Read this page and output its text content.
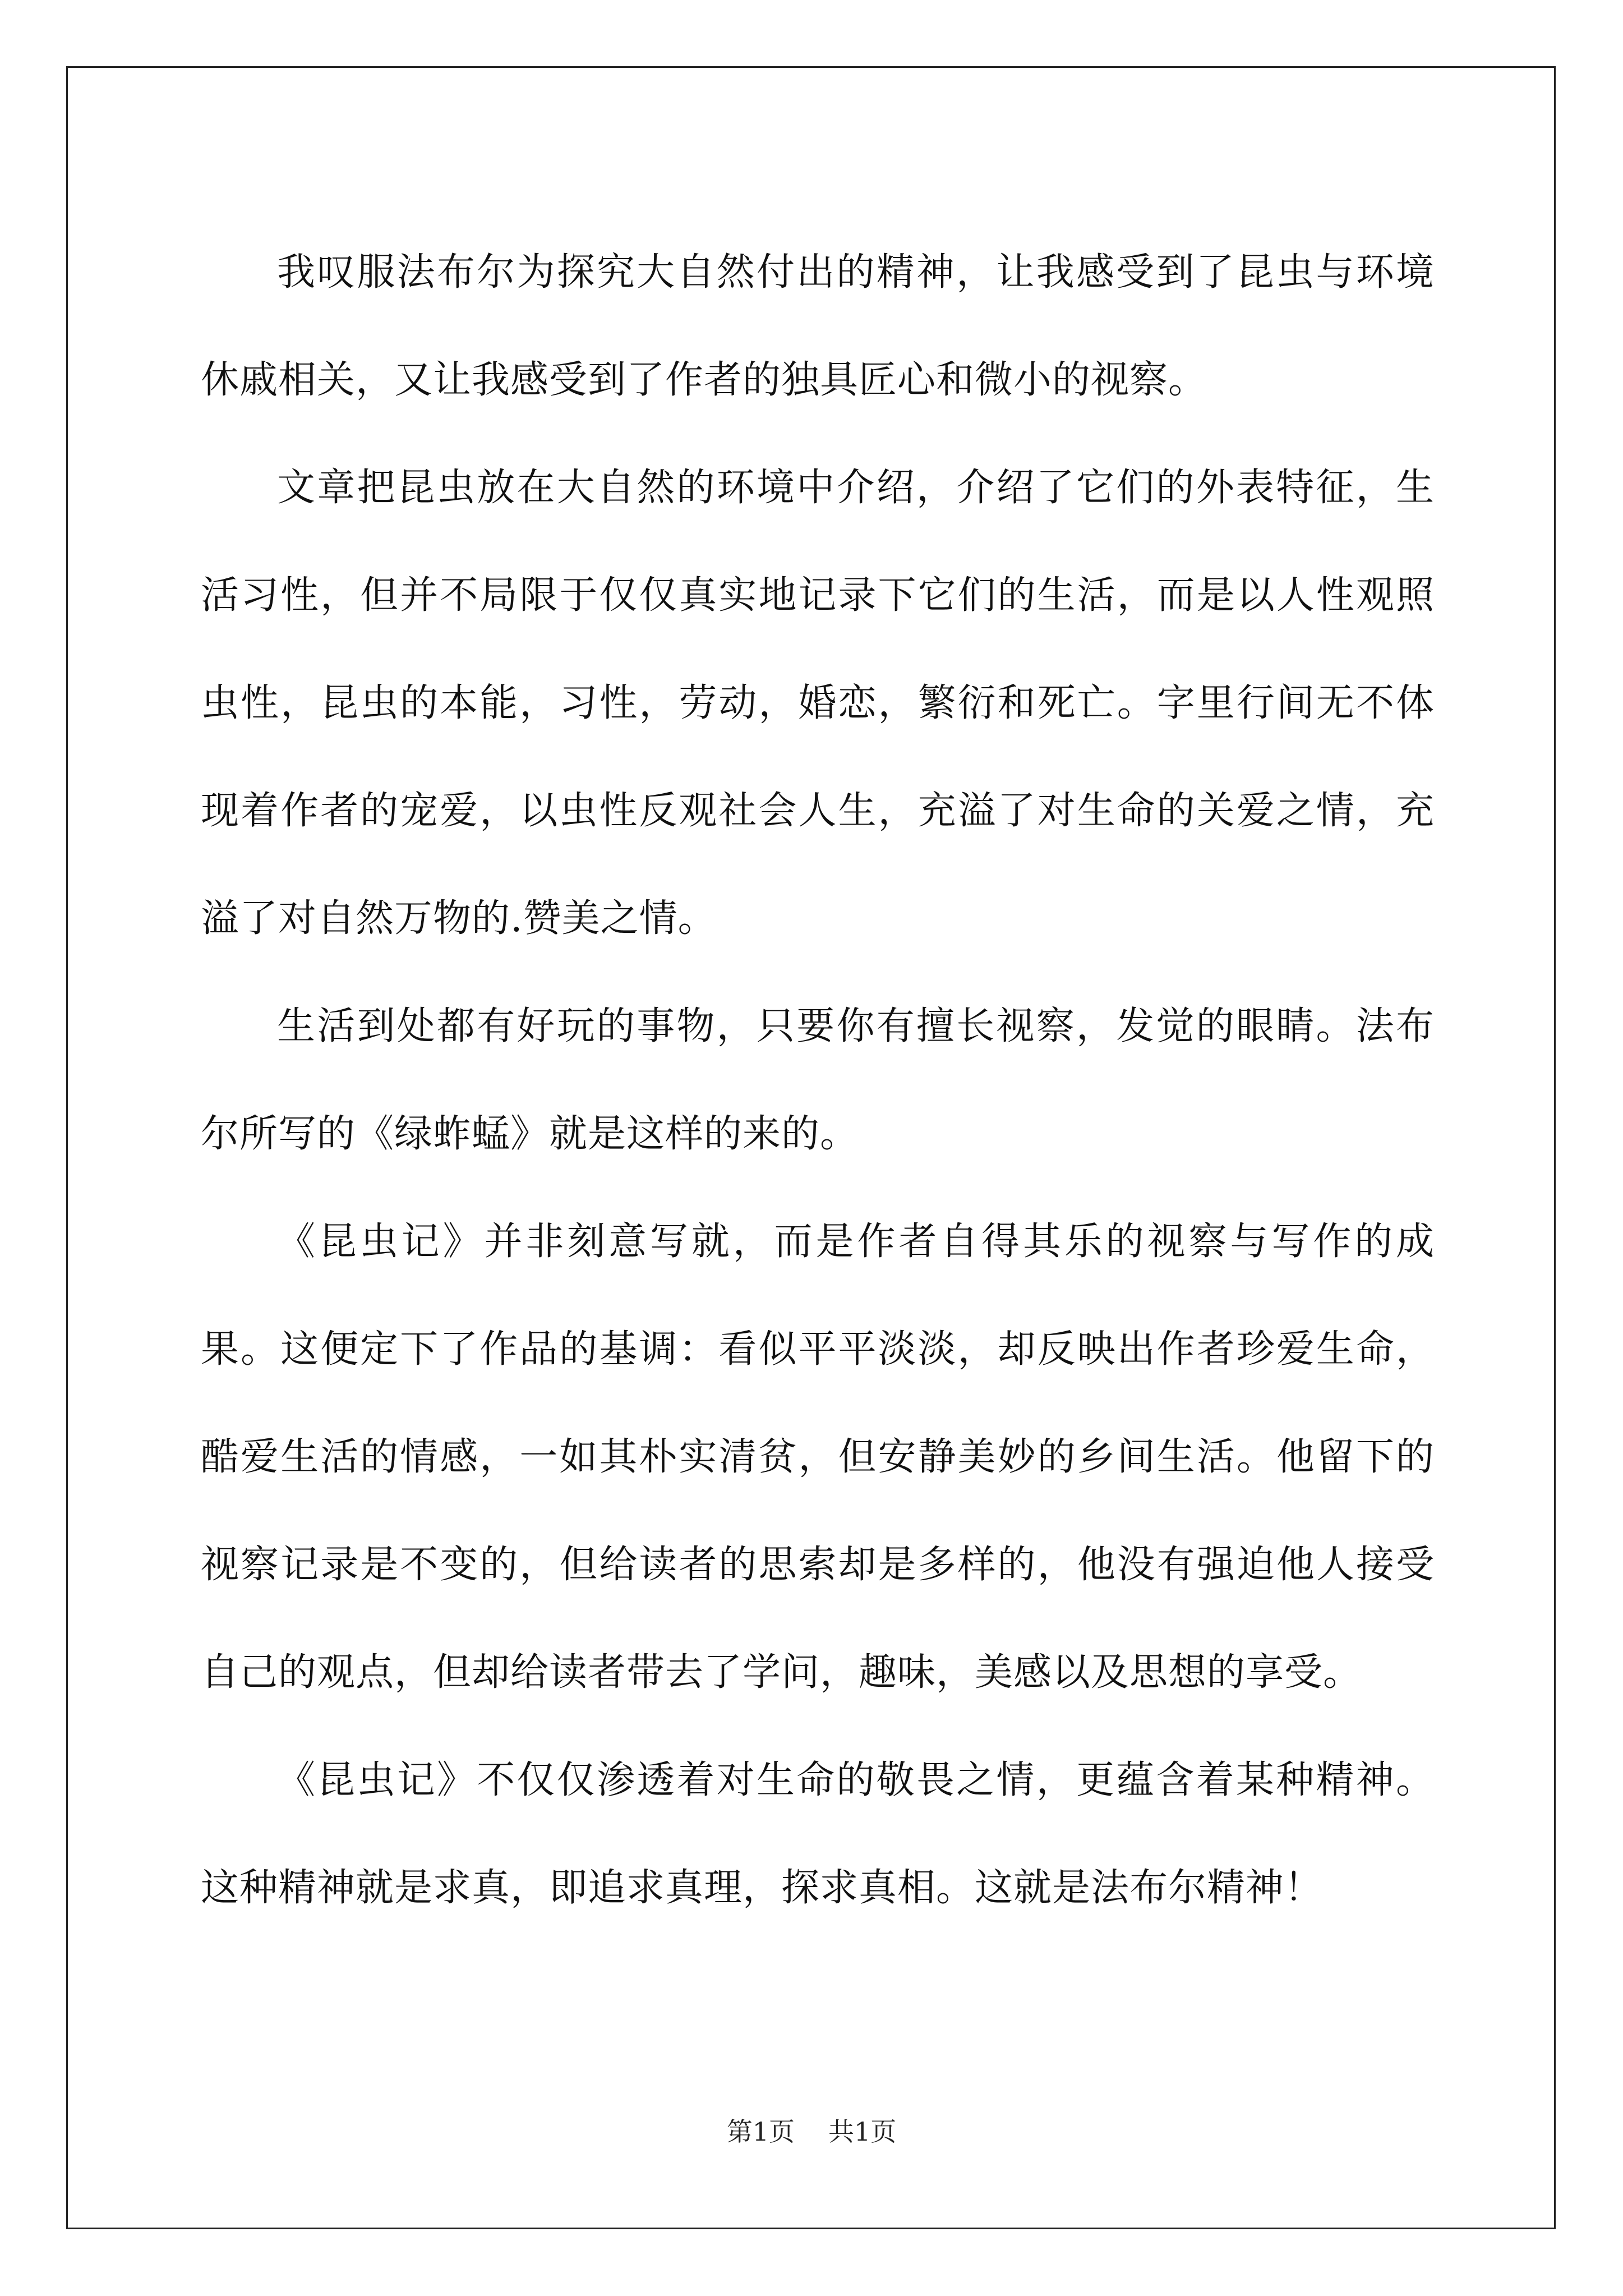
我叹服法布尔为探究大自然付出的精神，让我感受到了昆虫与环境休戚相关，又让我感受到了作者的独具匠心和微小的视察。

文章把昆虫放在大自然的环境中介绍，介绍了它们的外表特征，生活习性，但并不局限于仅仅真实地记录下它们的生活，而是以人性观照虫性，昆虫的本能，习性，劳动，婚恋，繁衍和死亡。字里行间无不体现着作者的宠爱，以虫性反观社会人生，充溢了对生命的关爱之情，充溢了对自然万物的.赞美之情。

生活到处都有好玩的事物，只要你有擅长视察，发觉的眼睛。法布尔所写的《绿蚱蜢》就是这样的来的。

《昆虫记》并非刻意写就，而是作者自得其乐的视察与写作的成果。这便定下了作品的基调：看似平平淡淡，却反映出作者珍爱生命，酷爱生活的情感，一如其朴实清贫，但安静美妙的乡间生活。他留下的视察记录是不变的，但给读者的思索却是多样的，他没有强迫他人接受自己的观点，但却给读者带去了学问，趣味，美感以及思想的享受。

《昆虫记》不仅仅渗透着对生命的敬畏之情，更蕴含着某种精神。这种精神就是求真，即追求真理，探求真相。这就是法布尔精神！

第1页 共1页
